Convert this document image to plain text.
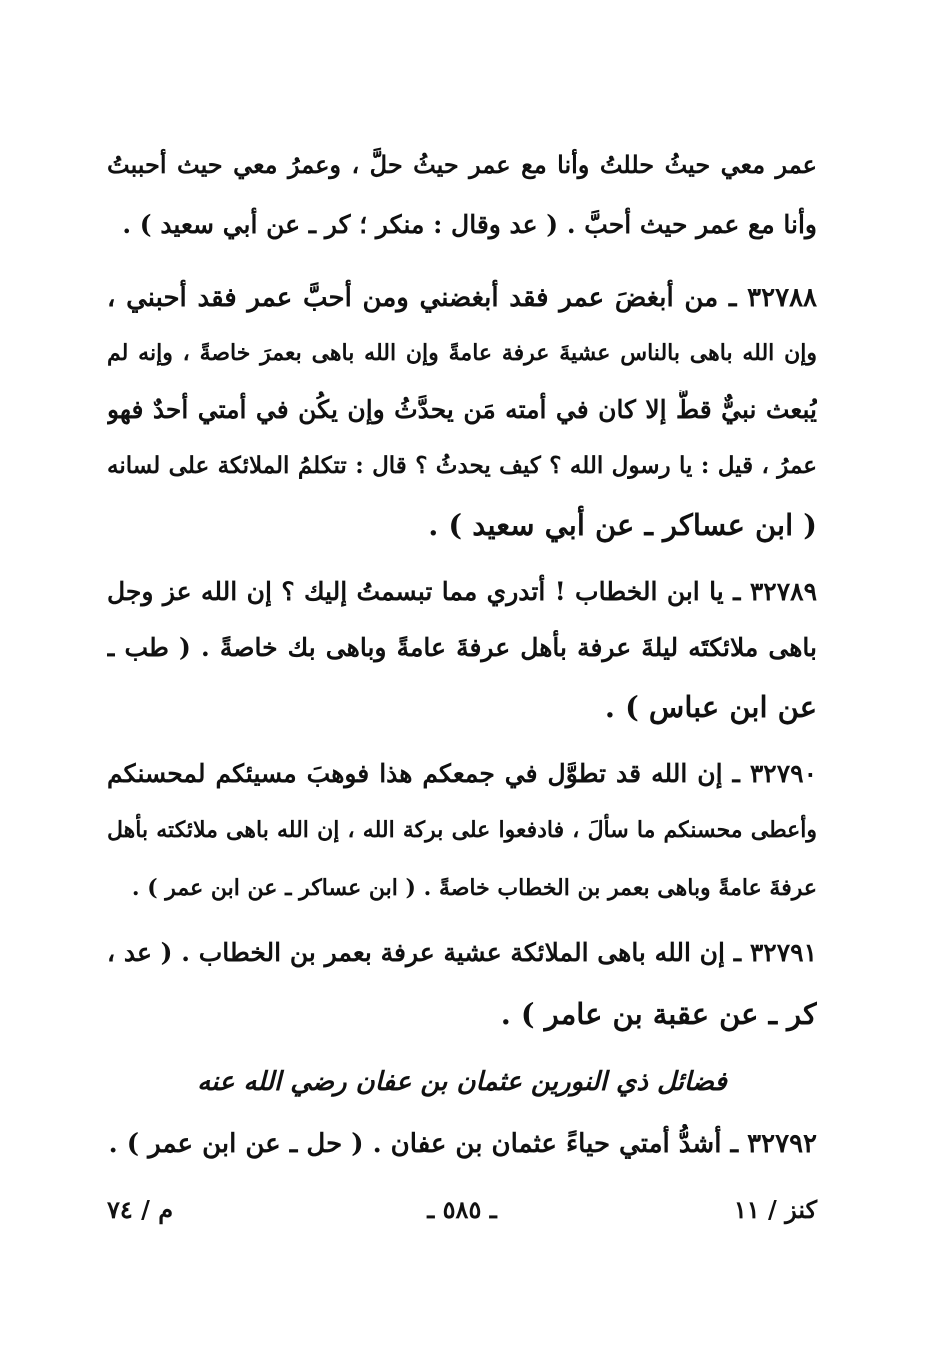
عمر معي حيثُ حللتُ وأنا مع عمر حيثُ حلَّ ، وعمرُ معي حيث أحببتُ
وأنا مع عمر حيث أحبَّ . ( عد وقال : منكر ؛ كر ـ عن أبي سعيد ) .
٣٢٧٨٨ ـ من أبغضَ عمر فقد أبغضني ومن أحبَّ عمر فقد أحبني ،
وإن الله باهى بالناس عشيةَ عرفة عامةً وإن الله باهى بعمرَ خاصةً ، وإنه لم
يُبعث نبيٌّ قطُّ إلا كان في أمته مَن يحدَّثُ وإن يكُن في أمتي أحدٌ فهو
عمرُ ، قيل : يا رسول الله ؟ كيف يحدثُ ؟ قال : تتكلمُ الملائكة على لسانه
( ابن عساكر ـ عن أبي سعيد ) .
٣٢٧٨٩ ـ يا ابن الخطاب ! أتدري مما تبسمتُ إليك ؟ إن الله عز وجل
باهى ملائكتَه ليلةَ عرفة بأهل عرفةَ عامةً وباهى بك خاصةً . ( طب ـ
عن ابن عباس ) .
٣٢٧٩٠ ـ إن الله قد تطوَّل في جمعكم هذا فوهبَ مسيئكم لمحسنكم
وأعطى محسنكم ما سألَ ، فادفعوا على بركة الله ، إن الله باهى ملائكته بأهل
عرفةَ عامةً وباهى بعمر بن الخطاب خاصةً . ( ابن عساكر ـ عن ابن عمر ) .
٣٢٧٩١ ـ إن الله باهى الملائكة عشية عرفة بعمر بن الخطاب . ( عد ،
كر ـ عن عقبة بن عامر ) .
فضائل ذي النورين عثمان بن عفان رضي الله عنه
٣٢٧٩٢ ـ أشدُّ أمتي حياءً عثمان بن عفان . ( حل ـ عن ابن عمر ) .
كنز / ١١
ـ ٥٨٥ ـ
م / ٧٤
